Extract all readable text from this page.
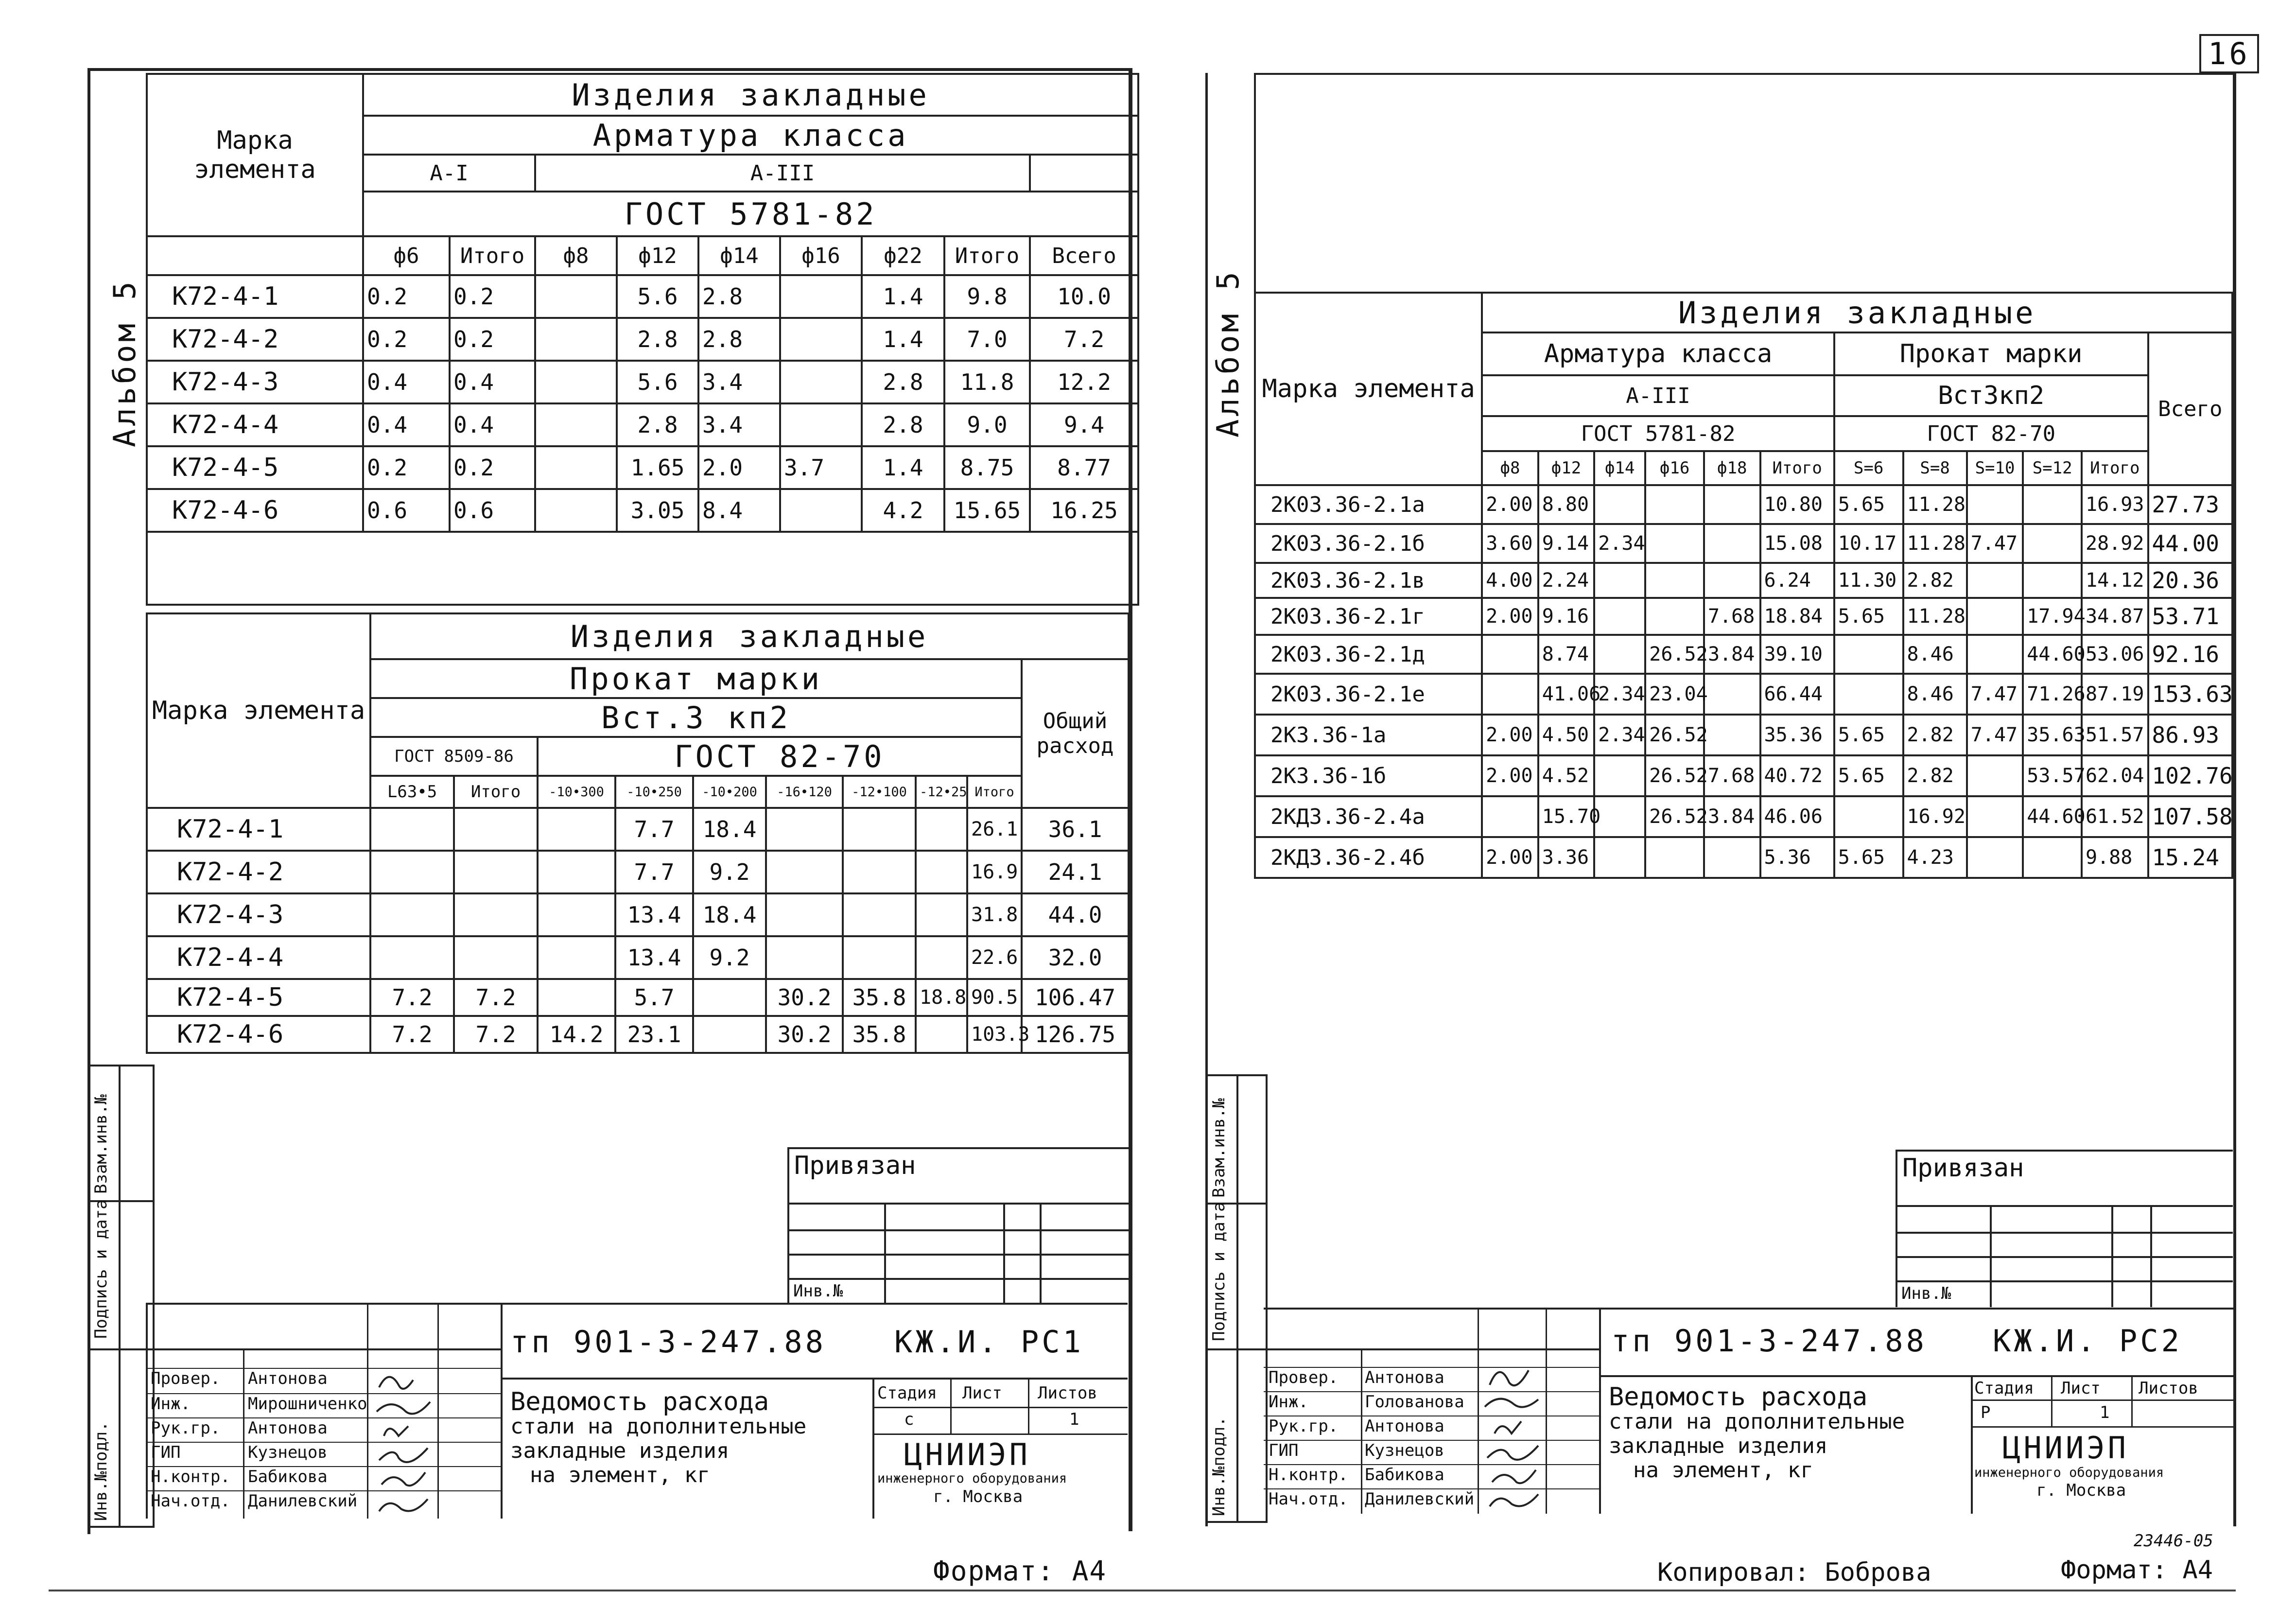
Альбом 5
Марка элемента	Изделия закладные								
	Арматура класса								
	А-I		А-III						
	ГОСТ 5781-82								
	ф6	Итого	ф8	ф12	ф14	ф16	ф22	Итого	Всего
К72-4-1	0.2	0.2		5.6	2.8		1.4	9.8	10.0
К72-4-2	0.2	0.2		2.8	2.8		1.4	7.0	7.2
К72-4-3	0.4	0.4		5.6	3.4		2.8	11.8	12.2
К72-4-4	0.4	0.4		2.8	3.4		2.8	9.0	9.4
К72-4-5	0.2	0.2		1.65	2.0	3.7	1.4	8.75	8.77
К72-4-6	0.6	0.6		3.05	8.4		4.2	15.65	16.25

Марка элемента	Изделия закладные									
	Прокат марки									Общий расход
	Вст.3 кп2									
	ГОСТ 8509-86		ГОСТ 82-70							
	L63•5	Итого	-10•300	-10•250	-10•200	-16•120	-12•100	-12•25	Итого	
К72-4-1				7.7	18.4				26.1	36.1
К72-4-2				7.7	9.2				16.9	24.1
К72-4-3				13.4	18.4				31.8	44.0
К72-4-4				13.4	9.2				22.6	32.0
К72-4-5	7.2	7.2		5.7		30.2	35.8	18.8	90.5	106.47
К72-4-6	7.2	7.2	14.2	23.1		30.2	35.8		103.3	126.75
Взам.инв.№
Подпись и дата
Инв.№подл.
Привязан
Инв.№
Провер.
Инж.
Рук.гр.
ГИП
Н.контр.
Нач.отд.
Антонова
Мирошниченко
Антонова
Кузнецов
Бабикова
Данилевский
тп 901-3-247.88 КЖ.И. РС1
Ведомость расхода
стали на дополнительные
закладные изделия
на элемент, кг
Стадия Лист Листов
с	1
ЦНИИЭП
инженерного оборудования
г. Москва
Формат: А4
16
Альбом 5 Марка элемента	Изделия закладные											
	Арматура класса						Прокат марки					Всего
	А-III						Вст3кп2					
	ГОСТ 5781-82						ГОСТ 82-70					
	ф8	ф12	ф14	ф16	ф18	Итого	S=6	S=8	S=10	S=12	Итого	
2К03.36-2.1а	2.00	8.80				10.80	5.65	11.28			16.93	27.73
2К03.36-2.1б	3.60	9.14	2.34			15.08	10.17	11.28	7.47		28.92	44.00
2К03.36-2.1в	4.00	2.24				6.24	11.30	2.82			14.12	20.36
2К03.36-2.1г	2.00	9.16			7.68	18.84	5.65	11.28		17.94	34.87	53.71
2К03.36-2.1д		8.74		26.52	3.84	39.10		8.46		44.60	53.06	92.16
2К03.36-2.1е		41.06	2.34	23.04		66.44		8.46	7.47	71.26	87.19	153.63
2К3.36-1а	2.00	4.50	2.34	26.52		35.36	5.65	2.82	7.47	35.63	51.57	86.93
2К3.36-1б	2.00	4.52		26.52	7.68	40.72	5.65	2.82		53.57	62.04	102.76
2КД3.36-2.4а		15.70		26.52	3.84	46.06		16.92		44.60	61.52	107.58
2КД3.36-2.4б	2.00	3.36				5.36	5.65	4.23			9.88	15.24
Взам.инв.№
Подпись и дата
Инв.№подл.
Привязан
Инв.№
Провер.
Инж.
Рук.гр.
ГИП
Н.контр.
Нач.отд.
Антонова
Голованова
Антонова
Кузнецов
Бабикова
Данилевский
тп 901-3-247.88 КЖ.И. РС2
Ведомость расхода
стали на дополнительные
закладные изделия
на элемент, кг
Стадия Лист Листов
Р	1
ЦНИИЭП
инженерного оборудования
г. Москва
23446-05
Копировал: Боброва	Формат: А4
